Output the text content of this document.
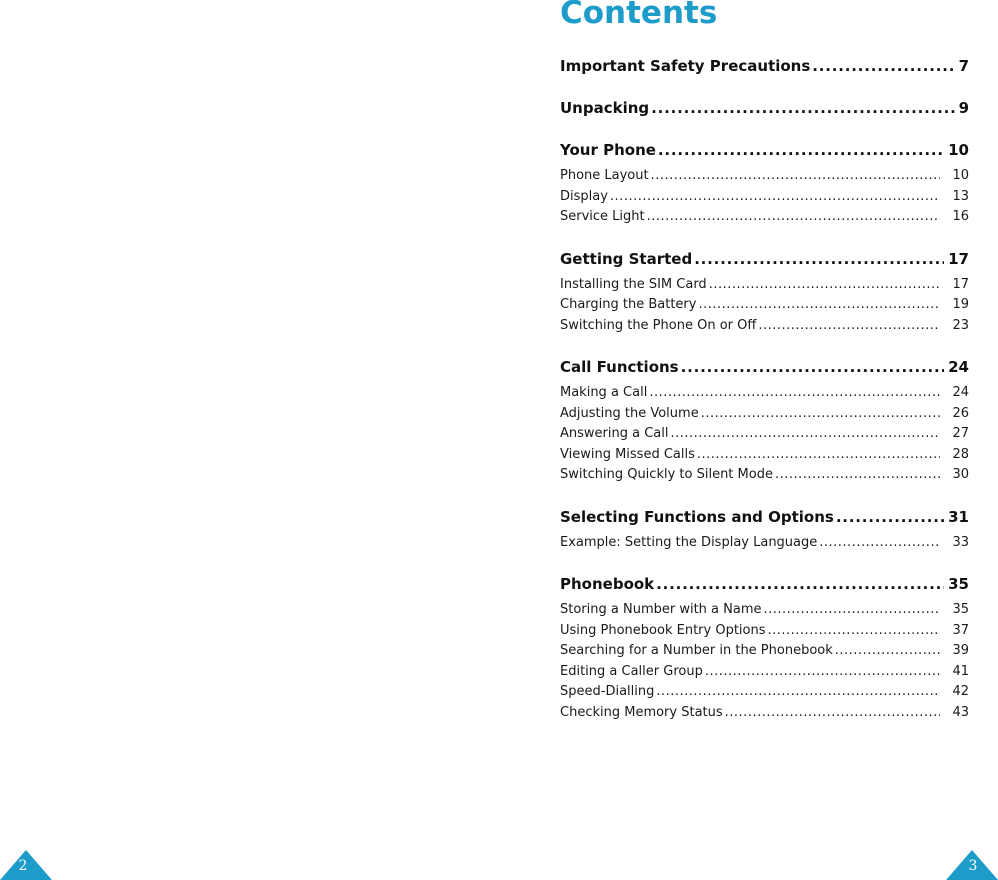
Contents
Important Safety Precautions .....	7
Unpacking .....	9
Your Phone .....	10
Phone Layout .....	10
Display .....	13
Service Light .....	16
Getting Started .....	17
Installing the SIM Card .....	17
Charging the Battery .....	19
Switching the Phone On or Off .....	23
Call Functions .....	24
Making a Call .....	24
Adjusting the Volume .....	26
Answering a Call .....	27
Viewing Missed Calls .....	28
Switching Quickly to Silent Mode .....	30
Selecting Functions and Options .....	31
Example: Setting the Display Language .....	33
Phonebook .....	35
Storing a Number with a Name .....	35
Using Phonebook Entry Options .....	37
Searching for a Number in the Phonebook .....	39
Editing a Caller Group .....	41
Speed-Dialling .....	42
Checking Memory Status .....	43
2	3
